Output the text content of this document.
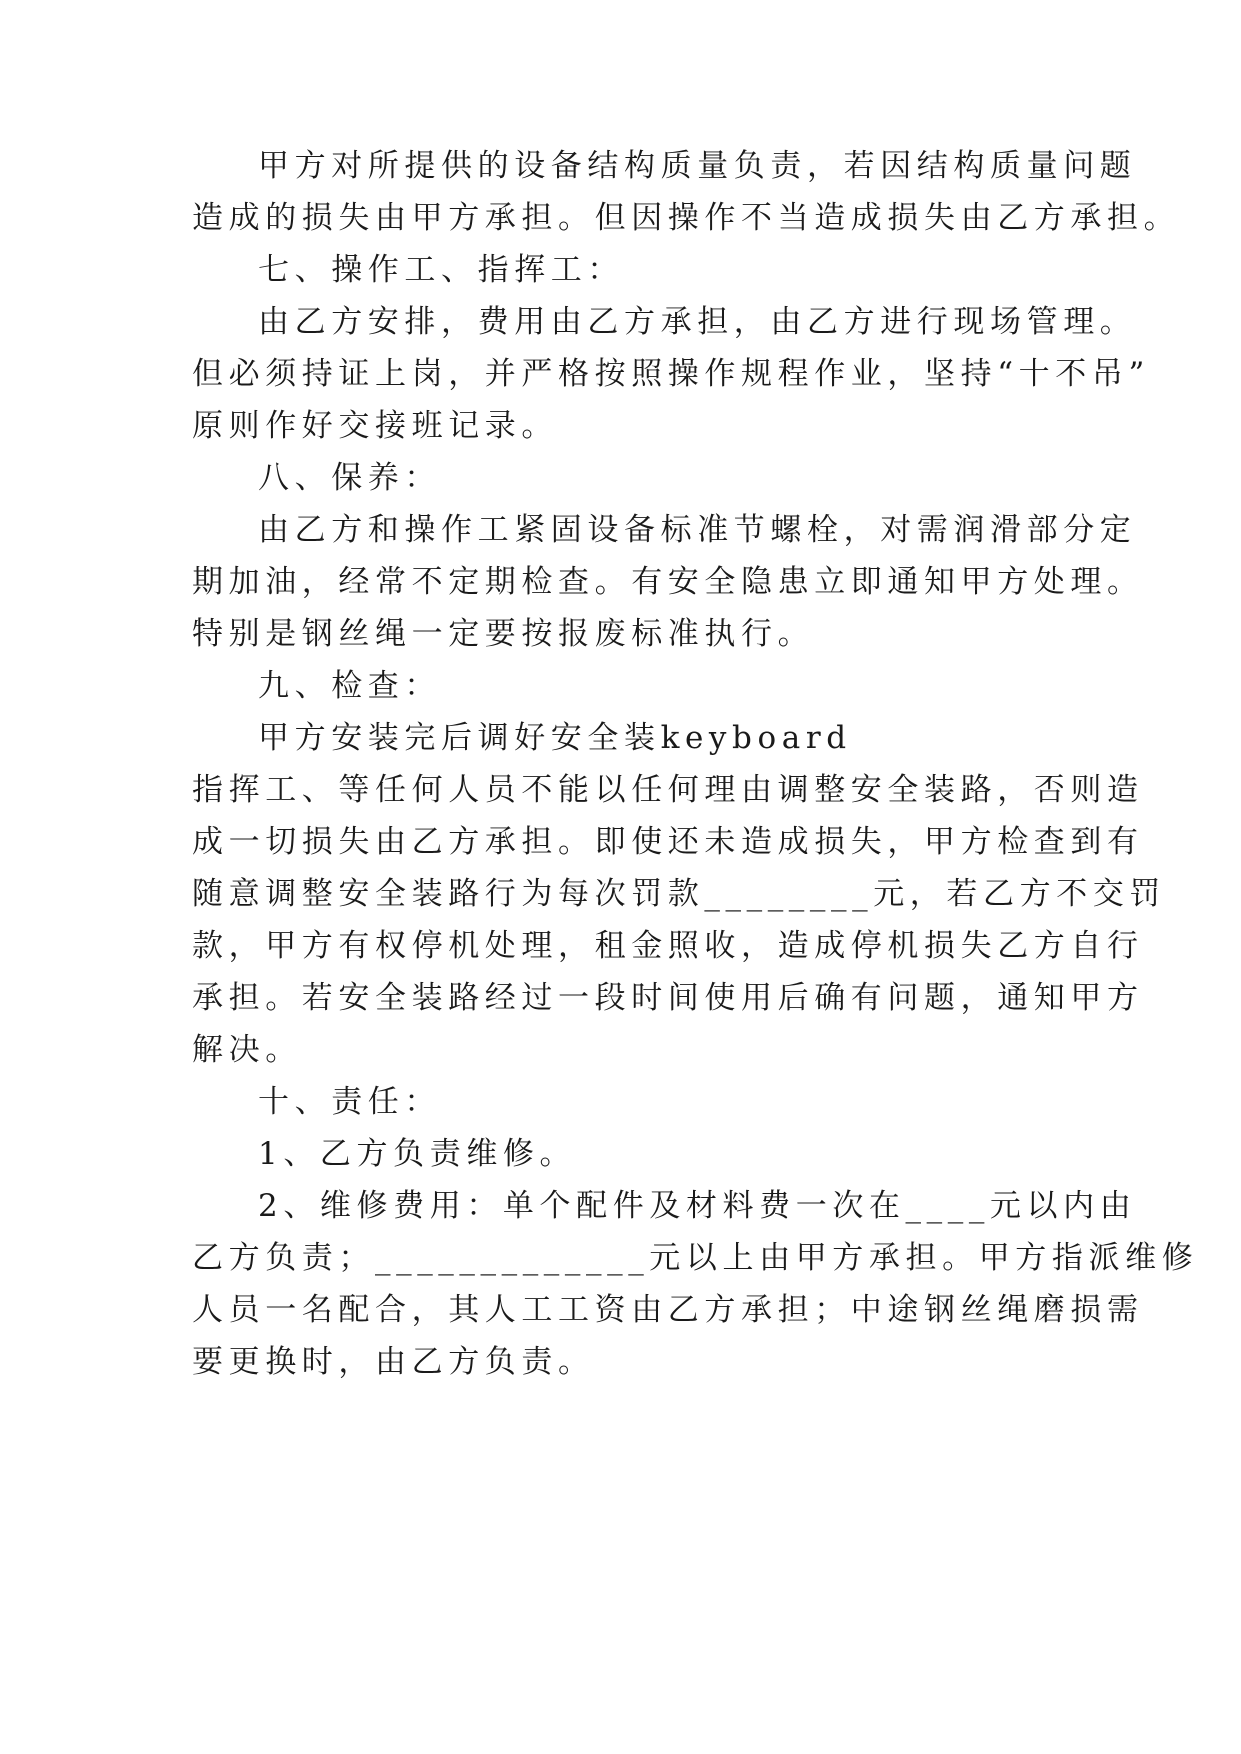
甲方对所提供的设备结构质量负责，若因结构质量问题
造成的损失由甲方承担。但因操作不当造成损失由乙方承担。
七、操作工、指挥工：
由乙方安排，费用由乙方承担，由乙方进行现场管理。
但必须持证上岗，并严格按照操作规程作业，坚持“十不吊”
原则作好交接班记录。
八、保养：
由乙方和操作工紧固设备标准节螺栓，对需润滑部分定
期加油，经常不定期检查。有安全隐患立即通知甲方处理。
特别是钢丝绳一定要按报废标准执行。
九、检查：
甲方安装完后调好安全装keyboard
指挥工、等任何人员不能以任何理由调整安全装路，否则造
成一切损失由乙方承担。即使还未造成损失，甲方检查到有
随意调整安全装路行为每次罚款________元，若乙方不交罚
款，甲方有权停机处理，租金照收，造成停机损失乙方自行
承担。若安全装路经过一段时间使用后确有问题，通知甲方
解决。
十、责任：
1、乙方负责维修。
2、维修费用：单个配件及材料费一次在____元以内由
乙方负责；_____________元以上由甲方承担。甲方指派维修
人员一名配合，其人工工资由乙方承担；中途钢丝绳磨损需
要更换时，由乙方负责。
